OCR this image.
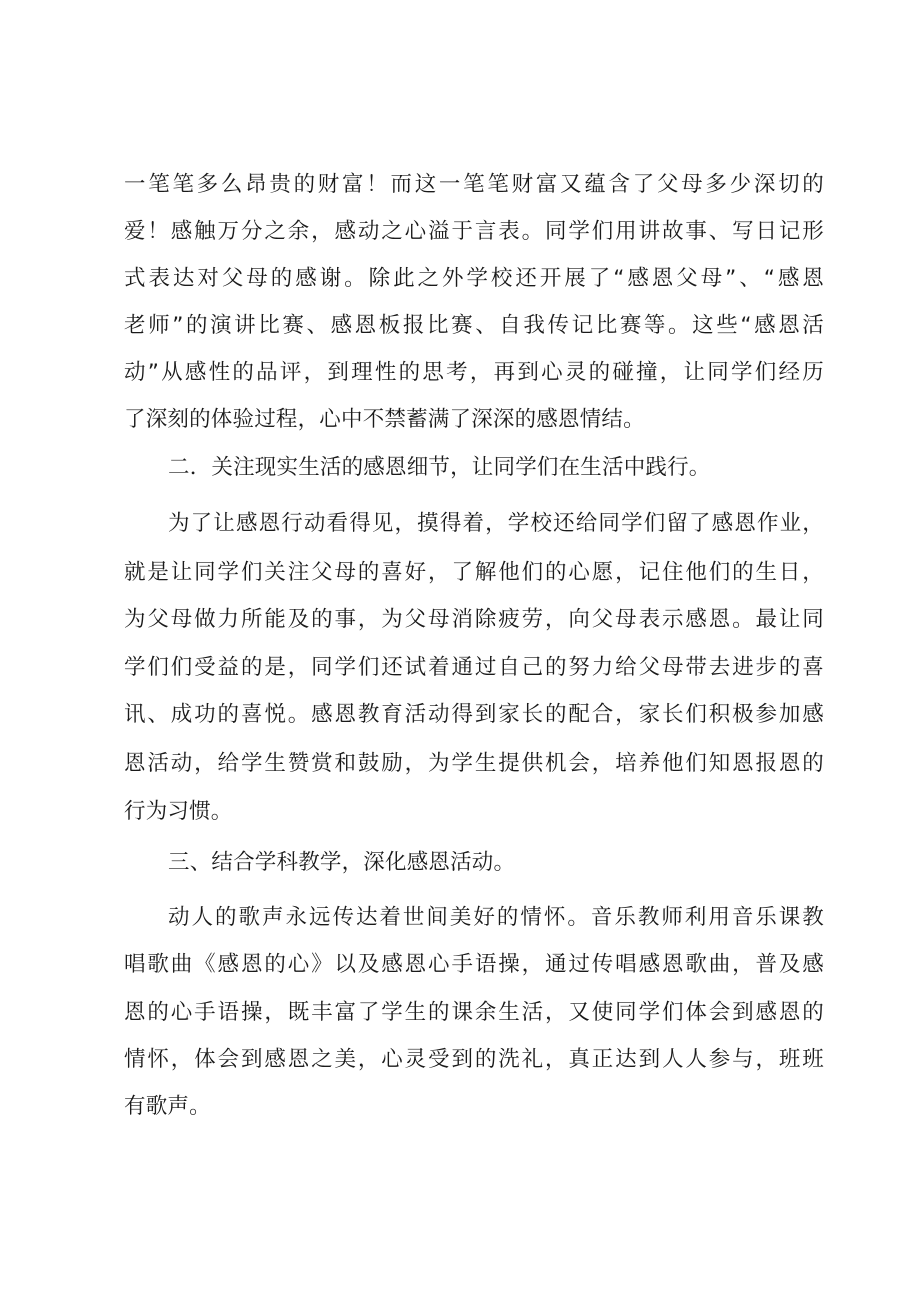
一笔笔多么昂贵的财富！而这一笔笔财富又蕴含了父母多少深切的
爱！感触万分之余，感动之心溢于言表。同学们用讲故事、写日记形
式表达对父母的感谢。除此之外学校还开展了“感恩父母”、“感恩
老师”的演讲比赛、感恩板报比赛、自我传记比赛等。这些“感恩活
动”从感性的品评，到理性的思考，再到心灵的碰撞，让同学们经历
了深刻的体验过程，心中不禁蓄满了深深的感恩情结。
二．关注现实生活的感恩细节，让同学们在生活中践行。
为了让感恩行动看得见，摸得着，学校还给同学们留了感恩作业，
就是让同学们关注父母的喜好，了解他们的心愿，记住他们的生日，
为父母做力所能及的事，为父母消除疲劳，向父母表示感恩。最让同
学们们受益的是，同学们还试着通过自己的努力给父母带去进步的喜
讯、成功的喜悦。感恩教育活动得到家长的配合，家长们积极参加感
恩活动，给学生赞赏和鼓励，为学生提供机会，培养他们知恩报恩的
行为习惯。
三、结合学科教学，深化感恩活动。
动人的歌声永远传达着世间美好的情怀。音乐教师利用音乐课教
唱歌曲《感恩的心》以及感恩心手语操，通过传唱感恩歌曲，普及感
恩的心手语操，既丰富了学生的课余生活，又使同学们体会到感恩的
情怀，体会到感恩之美，心灵受到的洗礼，真正达到人人参与，班班
有歌声。
